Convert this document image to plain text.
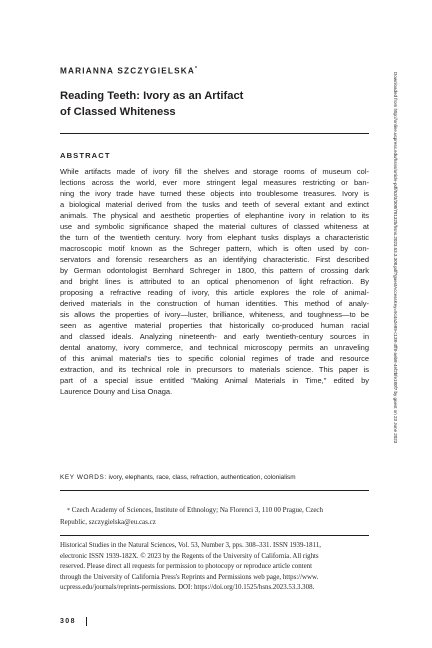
MARIANNA SZCZYGIELSKA*
Reading Teeth: Ivory as an Artifact
of Classed Whiteness
ABSTRACT
While artifacts made of ivory fill the shelves and storage rooms of museum col-
lections across the world, ever more stringent legal measures restricting or ban-
ning the ivory trade have turned these objects into troublesome treasures. Ivory is
a biological material derived from the tusks and teeth of several extant and extinct
animals. The physical and aesthetic properties of elephantine ivory in relation to its
use and symbolic significance shaped the material cultures of classed whiteness at
the turn of the twentieth century. Ivory from elephant tusks displays a characteristic
macroscopic motif known as the Schreger pattern, which is often used by con-
servators and forensic researchers as an identifying characteristic. First described
by German odontologist Bernhard Schreger in 1800, this pattern of crossing dark
and bright lines is attributed to an optical phenomenon of light refraction. By
proposing a refractive reading of ivory, this article explores the role of animal-
derived materials in the construction of human identities. This method of analy-
sis allows the properties of ivory—luster, brilliance, whiteness, and toughness—to be
seen as agentive material properties that historically co-produced human racial
and classed ideals. Analyzing nineteenth- and early twentieth-century sources in
dental anatomy, ivory commerce, and technical microscopy permits an unraveling
of this animal material's ties to specific colonial regimes of trade and resource
extraction, and its technical role in precursors to materials science. This paper is
part of a special issue entitled "Making Animal Materials in Time," edited by
Laurence Douny and Lisa Onaga.
KEY WORDS: ivory, elephants, race, class, refraction, authentication, colonialism
 * Czech Academy of Sciences, Institute of Ethnology; Na Florenci 3, 110 00 Prague, Czech
Republic, szczygielska@eu.cas.cz
Historical Studies in the Natural Sciences, Vol. 53, Number 3, pps. 308–331. ISSN 1939-1811,
electronic ISSN 1939-182X. © 2023 by the Regents of the University of California. All rights
reserved. Please direct all requests for permission to photocopy or reproduce article content
through the University of California Press's Reprints and Permissions web page, https://www.
ucpress.edu/journals/reprints-permissions. DOI: https://doi.org/10.1525/hsns.2023.53.3.308.
308
Downloaded from http://online.ucpress.edu/hsns/article-pdf/53/3/308/781325/hsns.2023.53.3.308.pdf?guestAccessKey=9c4a2e89-c138-4ff8-aeb8-4ef2bfe180f7 by guest on 23 June 2023
